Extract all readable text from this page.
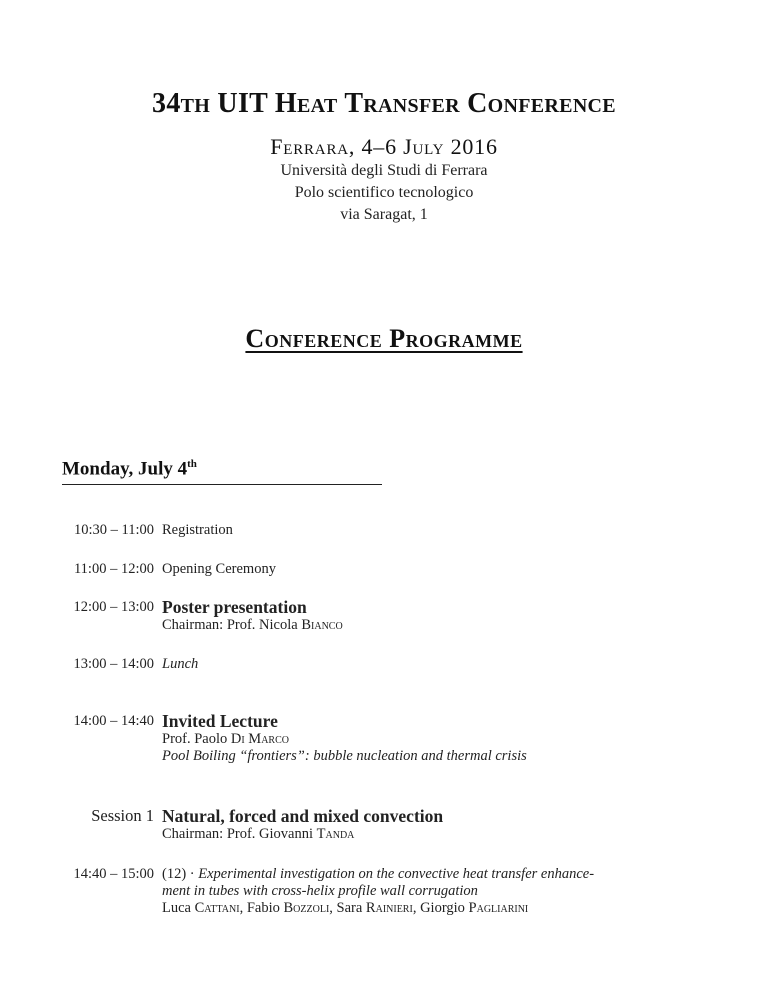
34th UIT Heat Transfer Conference
Ferrara, 4–6 July 2016
Università degli Studi di Ferrara
Polo scientifico tecnologico
via Saragat, 1
Conference Programme
Monday, July 4th
10:30 – 11:00 Registration
11:00 – 12:00 Opening Ceremony
12:00 – 13:00 Poster presentation
Chairman: Prof. Nicola Bianco
13:00 – 14:00 Lunch
14:00 – 14:40 Invited Lecture
Prof. Paolo Di Marco
Pool Boiling “frontiers”: bubble nucleation and thermal crisis
Session 1 Natural, forced and mixed convection
Chairman: Prof. Giovanni Tanda
14:40 – 15:00 (12) · Experimental investigation on the convective heat transfer enhance-
ment in tubes with cross-helix profile wall corrugation
Luca Cattani, Fabio Bozzoli, Sara Rainieri, Giorgio Pagliarini
